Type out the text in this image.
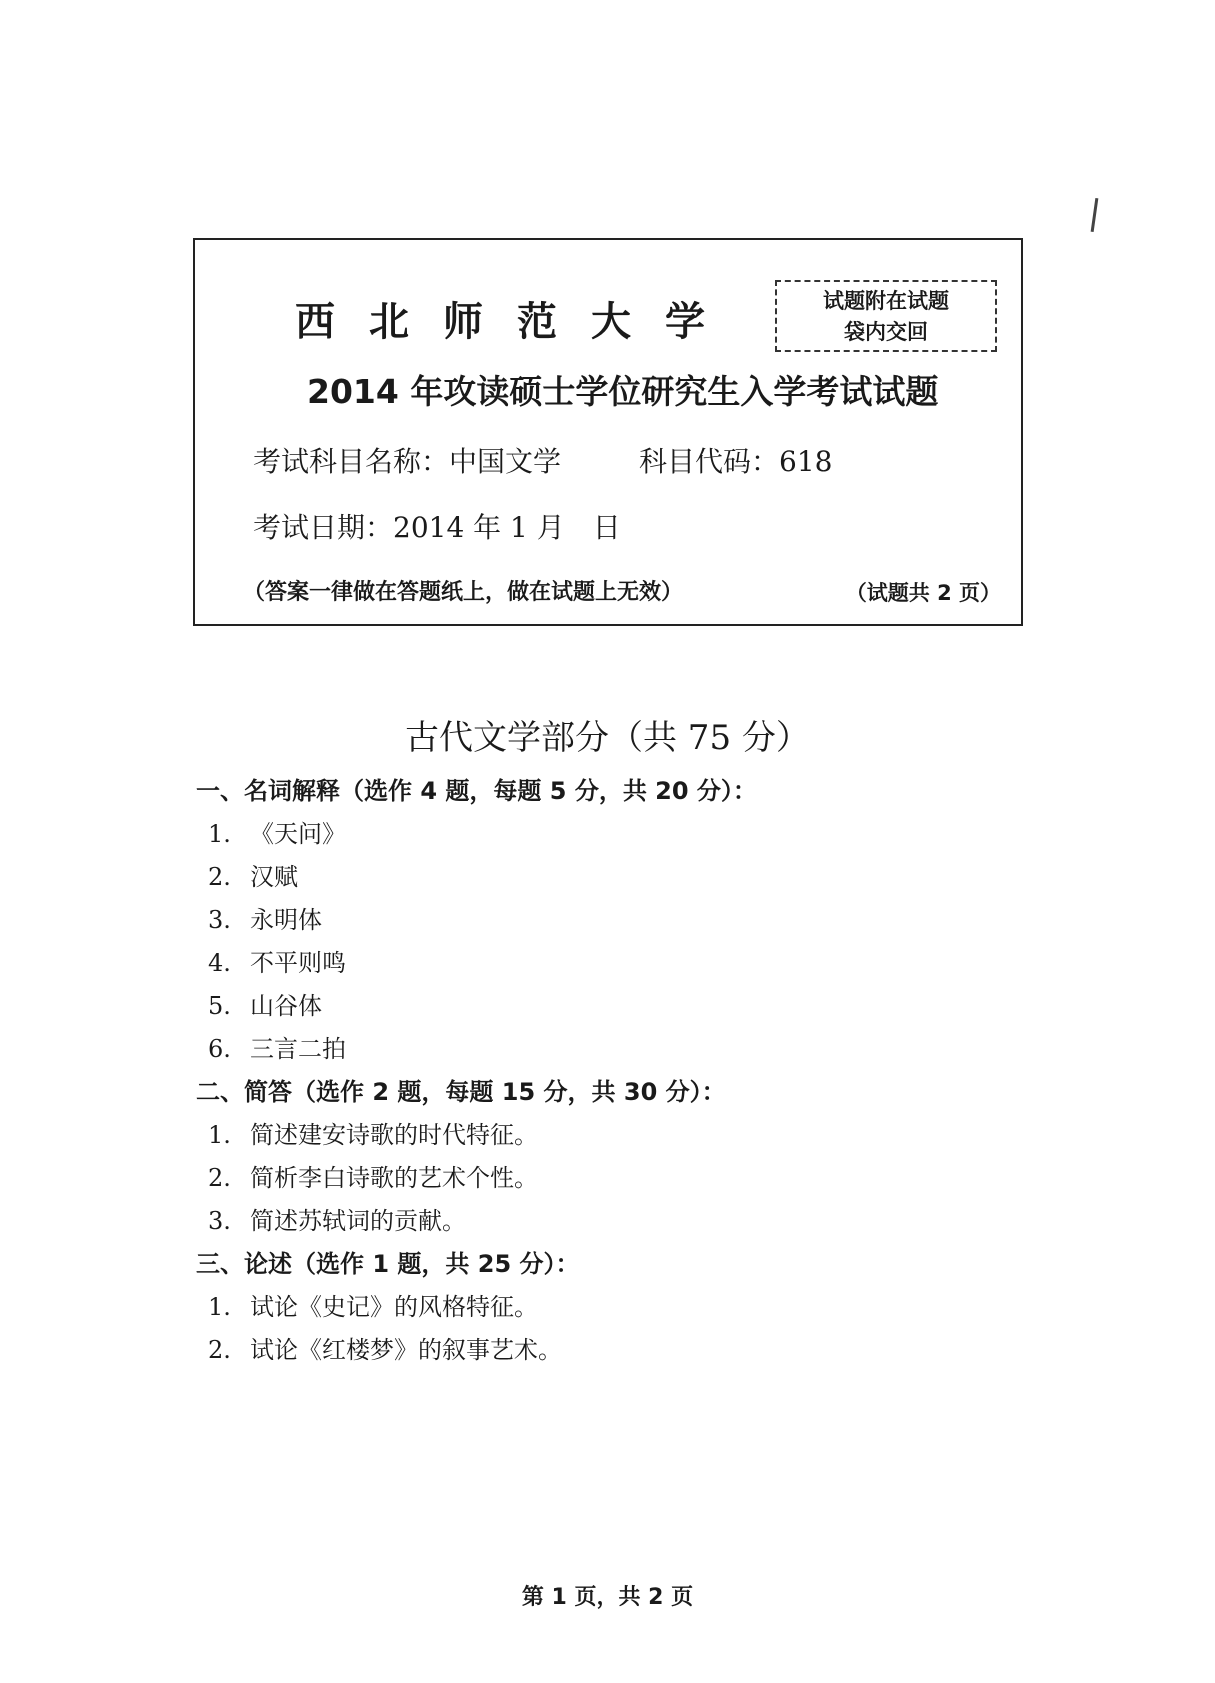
西北师范大学	试题附在试题
袋内交回
2014 年攻读硕士学位研究生入学考试试题
考试科目名称：中国文学	科目代码：618
考试日期：2014 年 1 月　日
（答案一律做在答题纸上，做在试题上无效）	（试题共 2 页）
古代文学部分（共 75 分）
一、名词解释（选作 4 题，每题 5 分，共 20 分）：
1. 《天问》
2. 汉赋
3. 永明体
4. 不平则鸣
5. 山谷体
6. 三言二拍
二、简答（选作 2 题，每题 15 分，共 30 分）：
1. 简述建安诗歌的时代特征。
2. 简析李白诗歌的艺术个性。
3. 简述苏轼词的贡献。
三、论述（选作 1 题，共 25 分）：
1. 试论《史记》的风格特征。
2. 试论《红楼梦》的叙事艺术。
第 1 页，共 2 页
